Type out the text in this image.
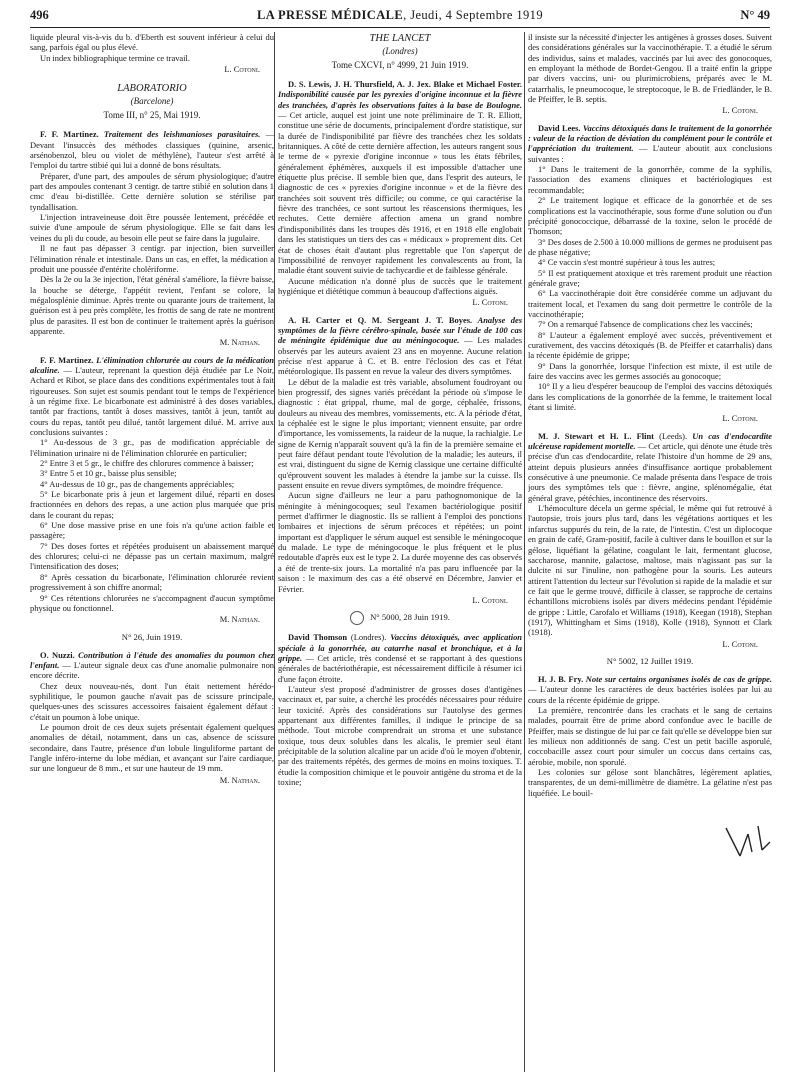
496	LA PRESSE MÉDICALE, Jeudi, 4 Septembre 1919	N° 49

liquide pleural vis-à-vis du b. d'Eberth est souvent inférieur à celui du sang, parfois égal ou plus élevé.

Un index bibliographique termine ce travail.

L. Cotoni.

LABORATORIO
(Barcelone)
Tome III, n° 25, Mai 1919.

F. F. Martinez. Traitement des leishmanioses parasitaires. — Devant l'insuccès des méthodes classiques (quinine, arsenic, arsénobenzol, bleu ou violet de méthylène), l'auteur s'est arrêté à l'emploi du tartre stibié qui lui a donné de bons résultats.

Préparer, d'une part, des ampoules de sérum physiologique; d'autre part des ampoules contenant 3 centigr. de tartre stibié en solution dans 1 cmc d'eau bi-distillée. Cette dernière solution se stérilise par tyndallisation.

L'injection intraveineuse doit être poussée lentement, précédée et suivie d'une ampoule de sérum physiologique. Elle se fait dans les veines du pli du coude, au besoin elle peut se faire dans la jugulaire.

Il ne faut pas dépasser 3 centigr. par injection, bien surveiller l'élimination rénale et intestinale. Dans un cas, en effet, la médication a produit une poussée d'entérite cholériforme.

Dès la 2e ou la 3e injection, l'état général s'améliore, la fièvre baisse, la bouche se déterge, l'appétit revient, l'enfant se colore, la mégalosplénie diminue. Après trente ou quarante jours de traitement, la guérison est à peu près complète, les frottis de sang de rate ne montrent plus de parasites. Il est bon de continuer le traitement après la guérison apparente.

M. Nathan.

F. F. Martinez. L'élimination chlorurée au cours de la médication alcaline. — L'auteur, reprenant la question déjà étudiée par Le Noir, Achard et Ribot, se place dans des conditions expérimentales tout à fait rigoureuses. Son sujet est soumis pendant tout le temps de l'expérience à un régime fixe. Le bicarbonate est administré à des doses variables, tantôt par fractions, tantôt à doses massives, tantôt à jeun, tantôt au cours du repas, tantôt peu dilué, tantôt largement dilué. M. arrive aux conclusions suivantes :

1° Au-dessous de 3 gr., pas de modification appréciable de l'élimination urinaire ni de l'élimination chlorurée en particulier;

2° Entre 3 et 5 gr., le chiffre des chlorures commence à baisser;

3° Entre 5 et 10 gr., baisse plus sensible;

4° Au-dessus de 10 gr., pas de changements appréciables;

5° Le bicarbonate pris à jeun et largement dilué, réparti en doses fractionnées en dehors des repas, a une action plus marquée que pris dans le courant du repas;

6° Une dose massive prise en une fois n'a qu'une action faible et passagère;

7° Des doses fortes et répétées produisent un abaissement marqué des chlorures; celui-ci ne dépasse pas un certain maximum, malgré l'intensification des doses;

8° Après cessation du bicarbonate, l'élimination chlorurée revient progressivement à son chiffre anormal;

9° Ces rétentions chlorurées ne s'accompagnent d'aucun symptôme physique ou fonctionnel.

M. Nathan.

N° 26, Juin 1919.

O. Nuzzi. Contribution à l'étude des anomalies du poumon chez l'enfant. — L'auteur signale deux cas d'une anomalie pulmonaire non encore décrite.

Chez deux nouveau-nés, dont l'un était nettement hérédo-syphilitique, le poumon gauche n'avait pas de scissure principale, quelques-unes des scissures accessoires faisaient également défaut : c'était un poumon à lobe unique.

Le poumon droit de ces deux sujets présentait également quelques anomalies de détail, notamment, dans un cas, absence de scissure secondaire, dans l'autre, présence d'un lobule linguliforme partant de l'angle inféro-interne du lobe médian, et avançant sur l'aire cardiaque, sur une longueur de 8 mm., et sur une hauteur de 19 mm.

M. Nathan.

THE LANCET
(Londres)
Tome CXCVI, n° 4999, 21 Juin 1919.

D. S. Lewis, J. H. Thursfield, A. J. Jex. Blake et Michael Foster. Indisponibilité causée par les pyrexies d'origine inconnue et la fièvre des tranchées, d'après les observations faites à la base de Boulogne. — Cet article, auquel est joint une note préliminaire de T. R. Elliott, constitue une série de documents, principalement d'ordre statistique, sur la durée de l'indisponibilité par fièvre des tranchées chez les soldats britanniques. A côté de cette dernière affection, les auteurs rangent sous le terme de « pyrexie d'origine inconnue » tous les états fébriles, généralement éphémères, auxquels il est impossible d'attacher une étiquette plus précise. Il semble bien que, dans l'esprit des auteurs, le diagnostic de ces « pyrexies d'origine inconnue » et de la fièvre des tranchées soit souvent très difficile; ou comme, ce qui caractérise la fièvre des tranchées, ce sont surtout les réascensions thermiques, les rechutes. Cette dernière affection amena un grand nombre d'indisponibilités dans les troupes dès 1916, et en 1918 elle englobait dans les statistiques un tiers des cas « médicaux » proprement dits. Cet état de choses était d'autant plus regrettable que l'on s'aperçut de l'impossibilité de renvoyer rapidement les convalescents au front, la maladie étant souvent suivie de tachycardie et de faiblesse générale.

Aucune médication n'a donné plus de succès que le traitement hygiénique et diététique commun à beaucoup d'affections aiguës.

L. Cotoni.

A. H. Carter et Q. M. Sergeant J. T. Boyes. Analyse des symptômes de la fièvre cérébro-spinale, basée sur l'étude de 100 cas de méningite épidémique due au méningocoque. — Les malades observés par les auteurs avaient 23 ans en moyenne. Aucune relation précise n'est apparue à C. et B. entre l'éclosion des cas et l'état météorologique. Ils passent en revue la valeur des divers symptômes.

Le début de la maladie est très variable, absolument foudroyant ou bien progressif, des signes variés précédant la période où s'impose le diagnostic : état grippal, rhume, mal de gorge, céphalée, frissons, douleurs au niveau des membres, vomissements, etc. A la période d'état, la céphalée est le signe le plus important; viennent ensuite, par ordre d'importance, les vomissements, la raideur de la nuque, la rachialgie. Le signe de Kernig n'apparaît souvent qu'à la fin de la première semaine et peut faire défaut pendant toute l'évolution de la maladie; les auteurs, il est vrai, distinguent du signe de Kernig classique une certaine difficulté qu'éprouvent souvent les malades à étendre la jambe sur la cuisse. Ils passent ensuite en revue divers symptômes, de moindre fréquence.

Aucun signe d'ailleurs ne leur a paru pathognomonique de la méningite à méningocoques; seul l'examen bactériologique positif permet d'affirmer le diagnostic. Ils se rallient à l'emploi des ponctions lombaires et injections de sérum précoces et répétées; un point important est d'appliquer le sérum auquel est sensible le méningocoque du malade. Le type de méningocoque le plus fréquent et le plus redoutable d'après eux est le type 2. La durée moyenne des cas observés a été de trente-six jours. La mortalité n'a pas paru influencée par la saison : le maximum des cas a été observé en Décembre, Janvier et Février.

L. Cotoni.

N° 5000, 28 Juin 1919.

David Thomson (Londres). Vaccins détoxiqués, avec application spéciale à la gonorrhée, au catarrhe nasal et bronchique, et à la grippe. — Cet article, très condensé et se rapportant à des questions générales de bactériothérapie, est nécessairement difficile à résumer ici d'une façon étroite.

L'auteur s'est proposé d'administrer de grosses doses d'antigènes vaccinaux et, par suite, a cherché les procédés nécessaires pour réduire leur toxicité. Après des considérations sur l'autolyse des germes appartenant aux différentes familles, il indique le principe de sa méthode. Tout microbe comprendrait un stroma et une substance toxique, tous deux solubles dans les alcalis, le premier seul étant précipitable de la solution alcaline par un acide d'où le moyen d'obtenir, par des traitements répétés, des germes de moins en moins toxiques. T. étudie la composition chimique et le pouvoir antigène du stroma et de la toxine;

il insiste sur la nécessité d'injecter les antigènes à grosses doses. Suivent des considérations générales sur la vaccinothérapie. T. a étudié le sérum des individus, sains et malades, vaccinés par lui avec des gonocoques, en employant la méthode de Bordet-Gengou. Il a traité enfin la grippe par divers vaccins, uni- ou plurimicrobiens, préparés avec le M. catarrhalis, le pneumocoque, le streptocoque, le B. de Friedländer, le B. de Pfeiffer, le B. septis.

L. Cotoni.

David Lees. Vaccins détoxiqués dans le traitement de la gonorrhée : valeur de la réaction de déviation du complément pour le contrôle et l'appréciation du traitement. — L'auteur aboutit aux conclusions suivantes :

1° Dans le traitement de la gonorrhée, comme de la syphilis, l'association des examens cliniques et bactériologiques est recommandable;

2° Le traitement logique et efficace de la gonorrhée et de ses complications est la vaccinothérapie, sous forme d'une solution ou d'un précipité gonococcique, débarrassé de la toxine, selon le procédé de Thomson;

3° Des doses de 2.500 à 10.000 millions de germes ne produisent pas de phase négative;

4° Ce vaccin s'est montré supérieur à tous les autres;

5° Il est pratiquement atoxique et très rarement produit une réaction générale grave;

6° La vaccinothérapie doit être considérée comme un adjuvant du traitement local, et l'examen du sang doit permettre le contrôle de la vaccinothérapie;

7° On a remarqué l'absence de complications chez les vaccinés;

8° L'auteur a également employé avec succès, préventivement et curativement, des vaccins détoxiqués (B. de Pfeiffer et catarrhalis) dans la récente épidémie de grippe;

9° Dans la gonorrhée, lorsque l'infection est mixte, il est utile de faire des vaccins avec les germes associés au gonocoque;

10° Il y a lieu d'espérer beaucoup de l'emploi des vaccins détoxiqués dans les complications de la gonorrhée de la femme, le traitement local étant si limité.

L. Cotoni.

M. J. Stewart et H. L. Flint (Leeds). Un cas d'endocardite ulcéreuse rapidement mortelle. — Cet article, qui dénote une étude très précise d'un cas d'endocardite, relate l'histoire d'un homme de 29 ans, atteint depuis plusieurs années d'insuffisance aortique probablement consécutive à une pneumonie. Ce malade présenta dans l'espace de trois jours des symptômes tels que : fièvre, angine, splénomégalie, état général grave, pétéchies, incontinence des réservoirs.

L'hémoculture décela un germe spécial, le même qui fut retrouvé à l'autopsie, trois jours plus tard, dans les végétations aortiques et les infarctus suppurés du rein, de la rate, de l'intestin. C'est un diplocoque en grain de café, Gram-positif, facile à cultiver dans le bouillon et sur la gélose, liquéfiant la gélatine, coagulant le lait, fermentant glucose, saccharose, mannite, galactose, maltose, mais n'agissant pas sur la dulcite ni sur l'inuline, non pathogène pour la souris. Les auteurs attirent l'attention du lecteur sur l'évolution si rapide de la maladie et sur ce fait que le germe trouvé, difficile à classer, se rapproche de certains échantillons microbiens isolés par divers médecins pendant l'épidémie de grippe : Little, Carofalo et Williams (1918), Keegan (1918), Stephan (1917), Whittingham et Sims (1918), Kolle (1918), Synnott et Clark (1918).

L. Cotoni.

N° 5002, 12 Juillet 1919.

H. J. B. Fry. Note sur certains organismes isolés de cas de grippe. — L'auteur donne les caractères de deux bactéries isolées par lui au cours de la récente épidémie de grippe.

La première, rencontrée dans les crachats et le sang de certains malades, pourrait être de prime abord confondue avec le bacille de Pfeiffer, mais se distingue de lui par ce fait qu'elle se développe bien sur les milieux non additionnés de sang. C'est un petit bacille asporulé, coccobacille assez court pour simuler un coccus dans certains cas, aérobie, mobile, non sporulé.

Les colonies sur gélose sont blanchâtres, légèrement aplaties, transparentes, de un demi-millimètre de diamètre. La gélatine n'est pas liquéfiée. Le bouil-
